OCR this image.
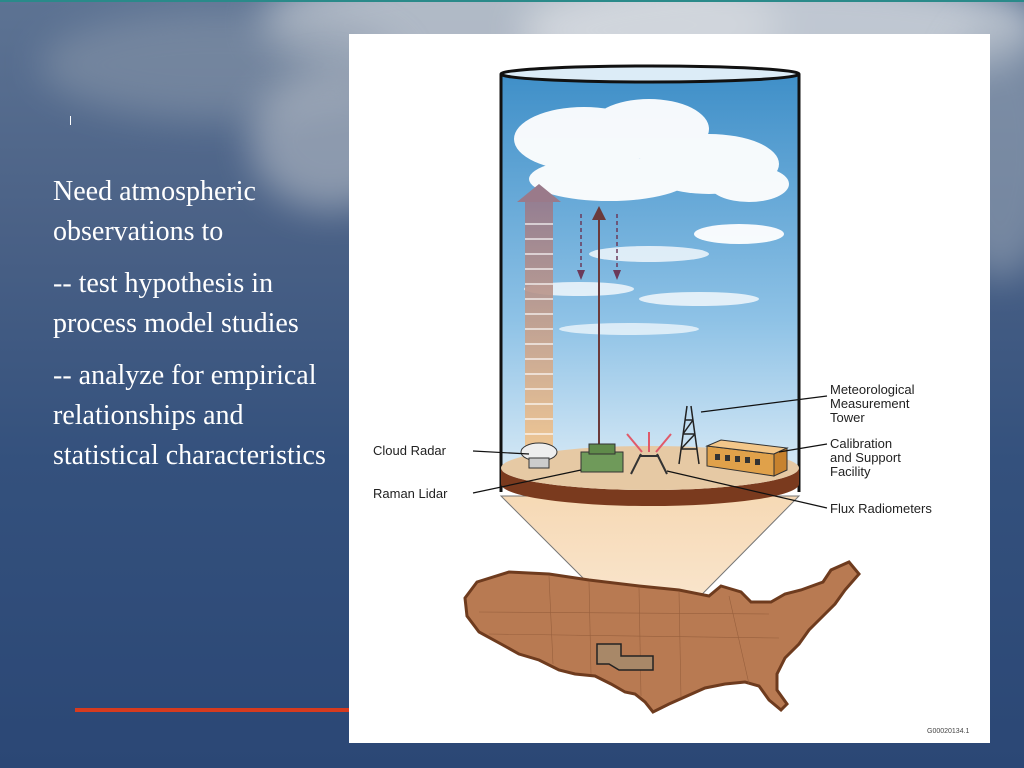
Need atmospheric observations to

-- test hypothesis in process model studies

-- analyze for empirical relationships and statistical characteristics	Cloud Radar
Raman Lidar
Meteorological
Measurement
Tower
Calibration
and Support
Facility
Flux Radiometers
G00020134.1
